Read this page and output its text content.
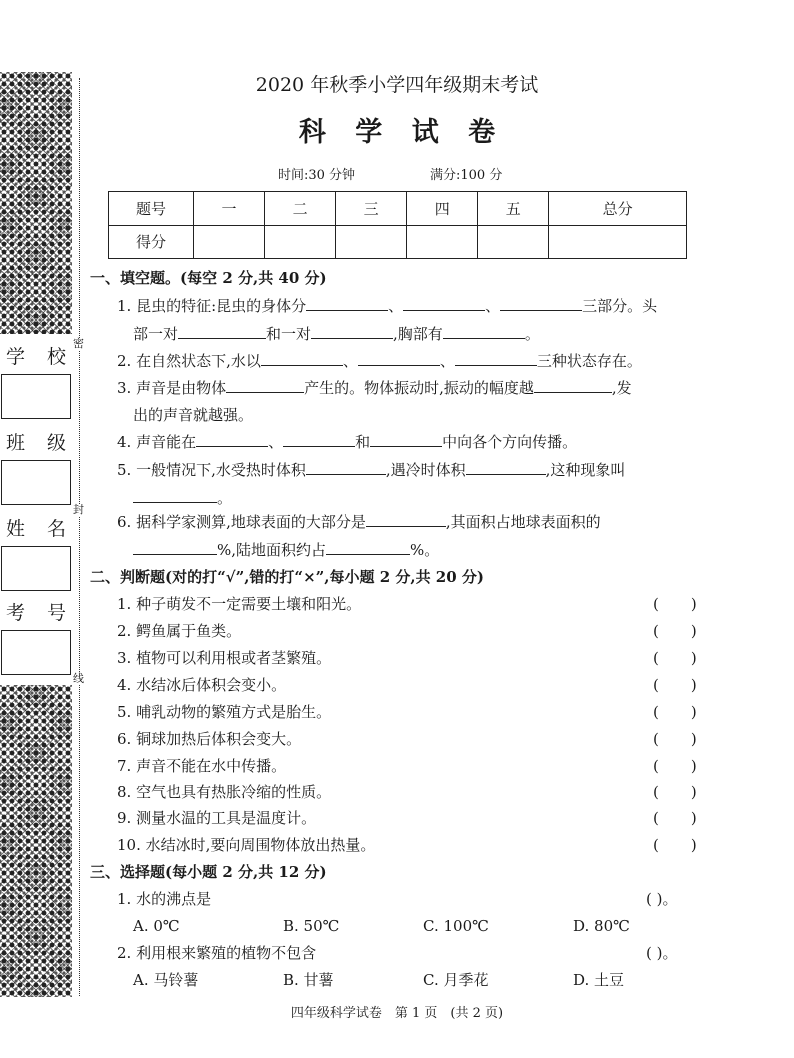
密
封
线
学 校
班 级
姓 名
考 号
2020 年秋季小学四年级期末考试
科 学 试 卷
时间:30 分钟	满分:100 分
题号	一	二	三	四	五	总分
得分						
一、填空题。(每空 2 分,共 40 分)
1. 昆虫的特征:昆虫的身体分	、	、	三部分。头
部一对	和一对	,胸部有	。
2. 在自然状态下,水以	、	、	三种状态存在。
3. 声音是由物体	产生的。物体振动时,振动的幅度越	,发
出的声音就越强。
4. 声音能在	、	和	中向各个方向传播。
5. 一般情况下,水受热时体积	,遇冷时体积	,这种现象叫
。
6. 据科学家测算,地球表面的大部分是	,其面积占地球表面积的
%,陆地面积约占	%。
二、判断题(对的打“√”,错的打“×”,每小题 2 分,共 20 分)
1. 种子萌发不一定需要土壤和阳光。	( )
2. 鳄鱼属于鱼类。	( )
3. 植物可以利用根或者茎繁殖。	( )
4. 水结冰后体积会变小。	( )
5. 哺乳动物的繁殖方式是胎生。	( )
6. 铜球加热后体积会变大。	( )
7. 声音不能在水中传播。	( )
8. 空气也具有热胀冷缩的性质。	( )
9. 测量水温的工具是温度计。	( )
10. 水结冰时,要向周围物体放出热量。	( )
三、选择题(每小题 2 分,共 12 分)
1. 水的沸点是	( )。
A. 0℃	B. 50℃	C. 100℃	D. 80℃
2. 利用根来繁殖的植物不包含	( )。
A. 马铃薯	B. 甘薯	C. 月季花	D. 土豆
四年级科学试卷　第 1 页　(共 2 页)
